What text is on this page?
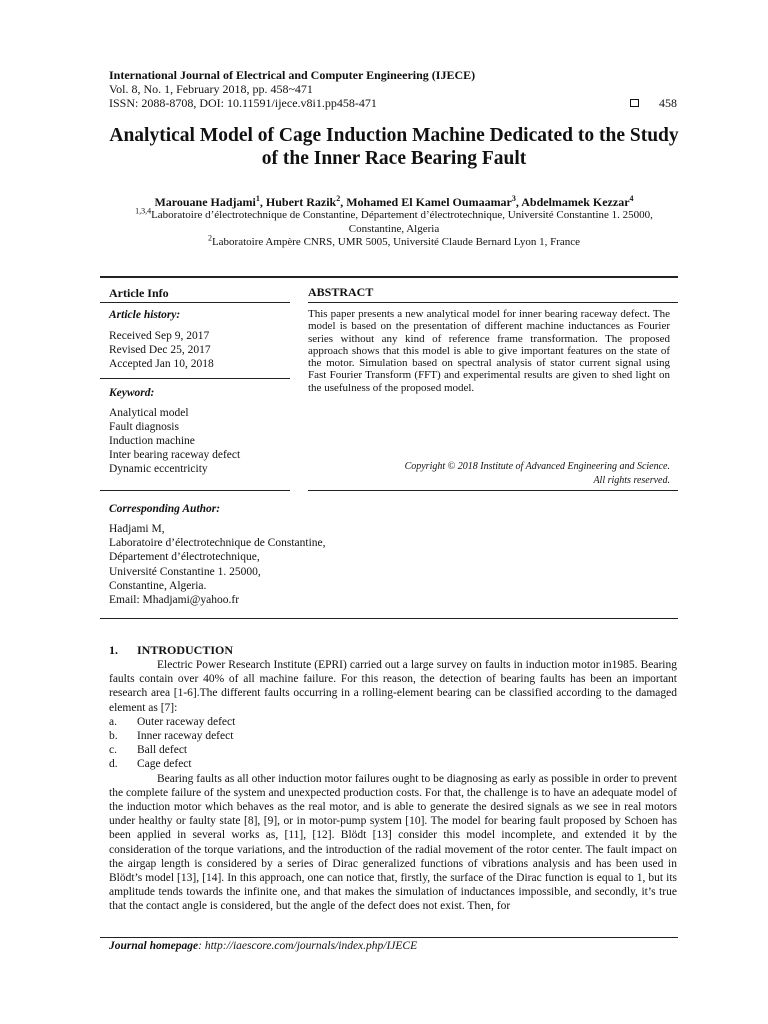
International Journal of Electrical and Computer Engineering (IJECE)
Vol. 8, No. 1, February 2018, pp. 458~471
ISSN: 2088-8708, DOI: 10.11591/ijece.v8i1.pp458-471	458
Analytical Model of Cage Induction Machine Dedicated to the Study of the Inner Race Bearing Fault
Marouane Hadjami$^1$, Hubert Razik$^2$, Mohamed El Kamel Oumaamar$^3$, Abdelmamek Kezzar$^4$
$^{1,3,4}$Laboratoire d’électrotechnique de Constantine, Département d’électrotechnique, Université Constantine 1. 25000,
Constantine, Algeria
$^2$Laboratoire Ampère CNRS, UMR 5005, Université Claude Bernard Lyon 1, France
Article Info
Article history:
Received Sep 9, 2017
Revised Dec 25, 2017
Accepted Jan 10, 2018
Keyword:
Analytical model
Fault diagnosis
Induction machine
Inter bearing raceway defect
Dynamic eccentricity
ABSTRACT
This paper presents a new analytical model for inner bearing raceway defect. The model is based on the presentation of different machine inductances as Fourier series without any kind of reference frame transformation. The proposed approach shows that this model is able to give important features on the state of the motor. Simulation based on spectral analysis of stator current signal using Fast Fourier Transform (FFT) and experimental results are given to shed light on the usefulness of the proposed model.
Copyright © 2018 Institute of Advanced Engineering and Science.
All rights reserved.
Corresponding Author:
Hadjami M,
Laboratoire d’électrotechnique de Constantine,
Département d’électrotechnique,
Université Constantine 1. 25000,
Constantine, Algeria.
Email: Mhadjami@yahoo.fr
1. INTRODUCTION

Electric Power Research Institute (EPRI) carried out a large survey on faults in induction motor in1985. Bearing faults contain over 40% of all machine failure. For this reason, the detection of bearing faults has been an important research area [1-6].The different faults occurring in a rolling-element bearing can be classified according to the damaged element as [7]:

a.	Outer raceway defect
b.	Inner raceway defect
c.	Ball defect
d.	Cage defect

Bearing faults as all other induction motor failures ought to be diagnosing as early as possible in order to prevent the complete failure of the system and unexpected production costs. For that, the challenge is to have an adequate model of the induction motor which behaves as the real motor, and is able to generate the desired signals as we see in real motors under healthy or faulty state [8], [9], or in motor-pump system [10]. The model for bearing fault proposed by Schoen has been applied in several works as, [11], [12]. Blödt [13] consider this model incomplete, and extended it by the consideration of the torque variations, and the introduction of the radial movement of the rotor center. The fault impact on the airgap length is considered by a series of Dirac generalized functions of vibrations analysis and has been used in Blödt’s model [13], [14]. In this approach, one can notice that, firstly, the surface of the Dirac function is equal to 1, but its amplitude tends towards the infinite one, and that makes the simulation of inductances impossible, and secondly, it’s true that the contact angle is considered, but the angle of the defect does not exist. Then, for

Journal homepage: http://iaescore.com/journals/index.php/IJECE
